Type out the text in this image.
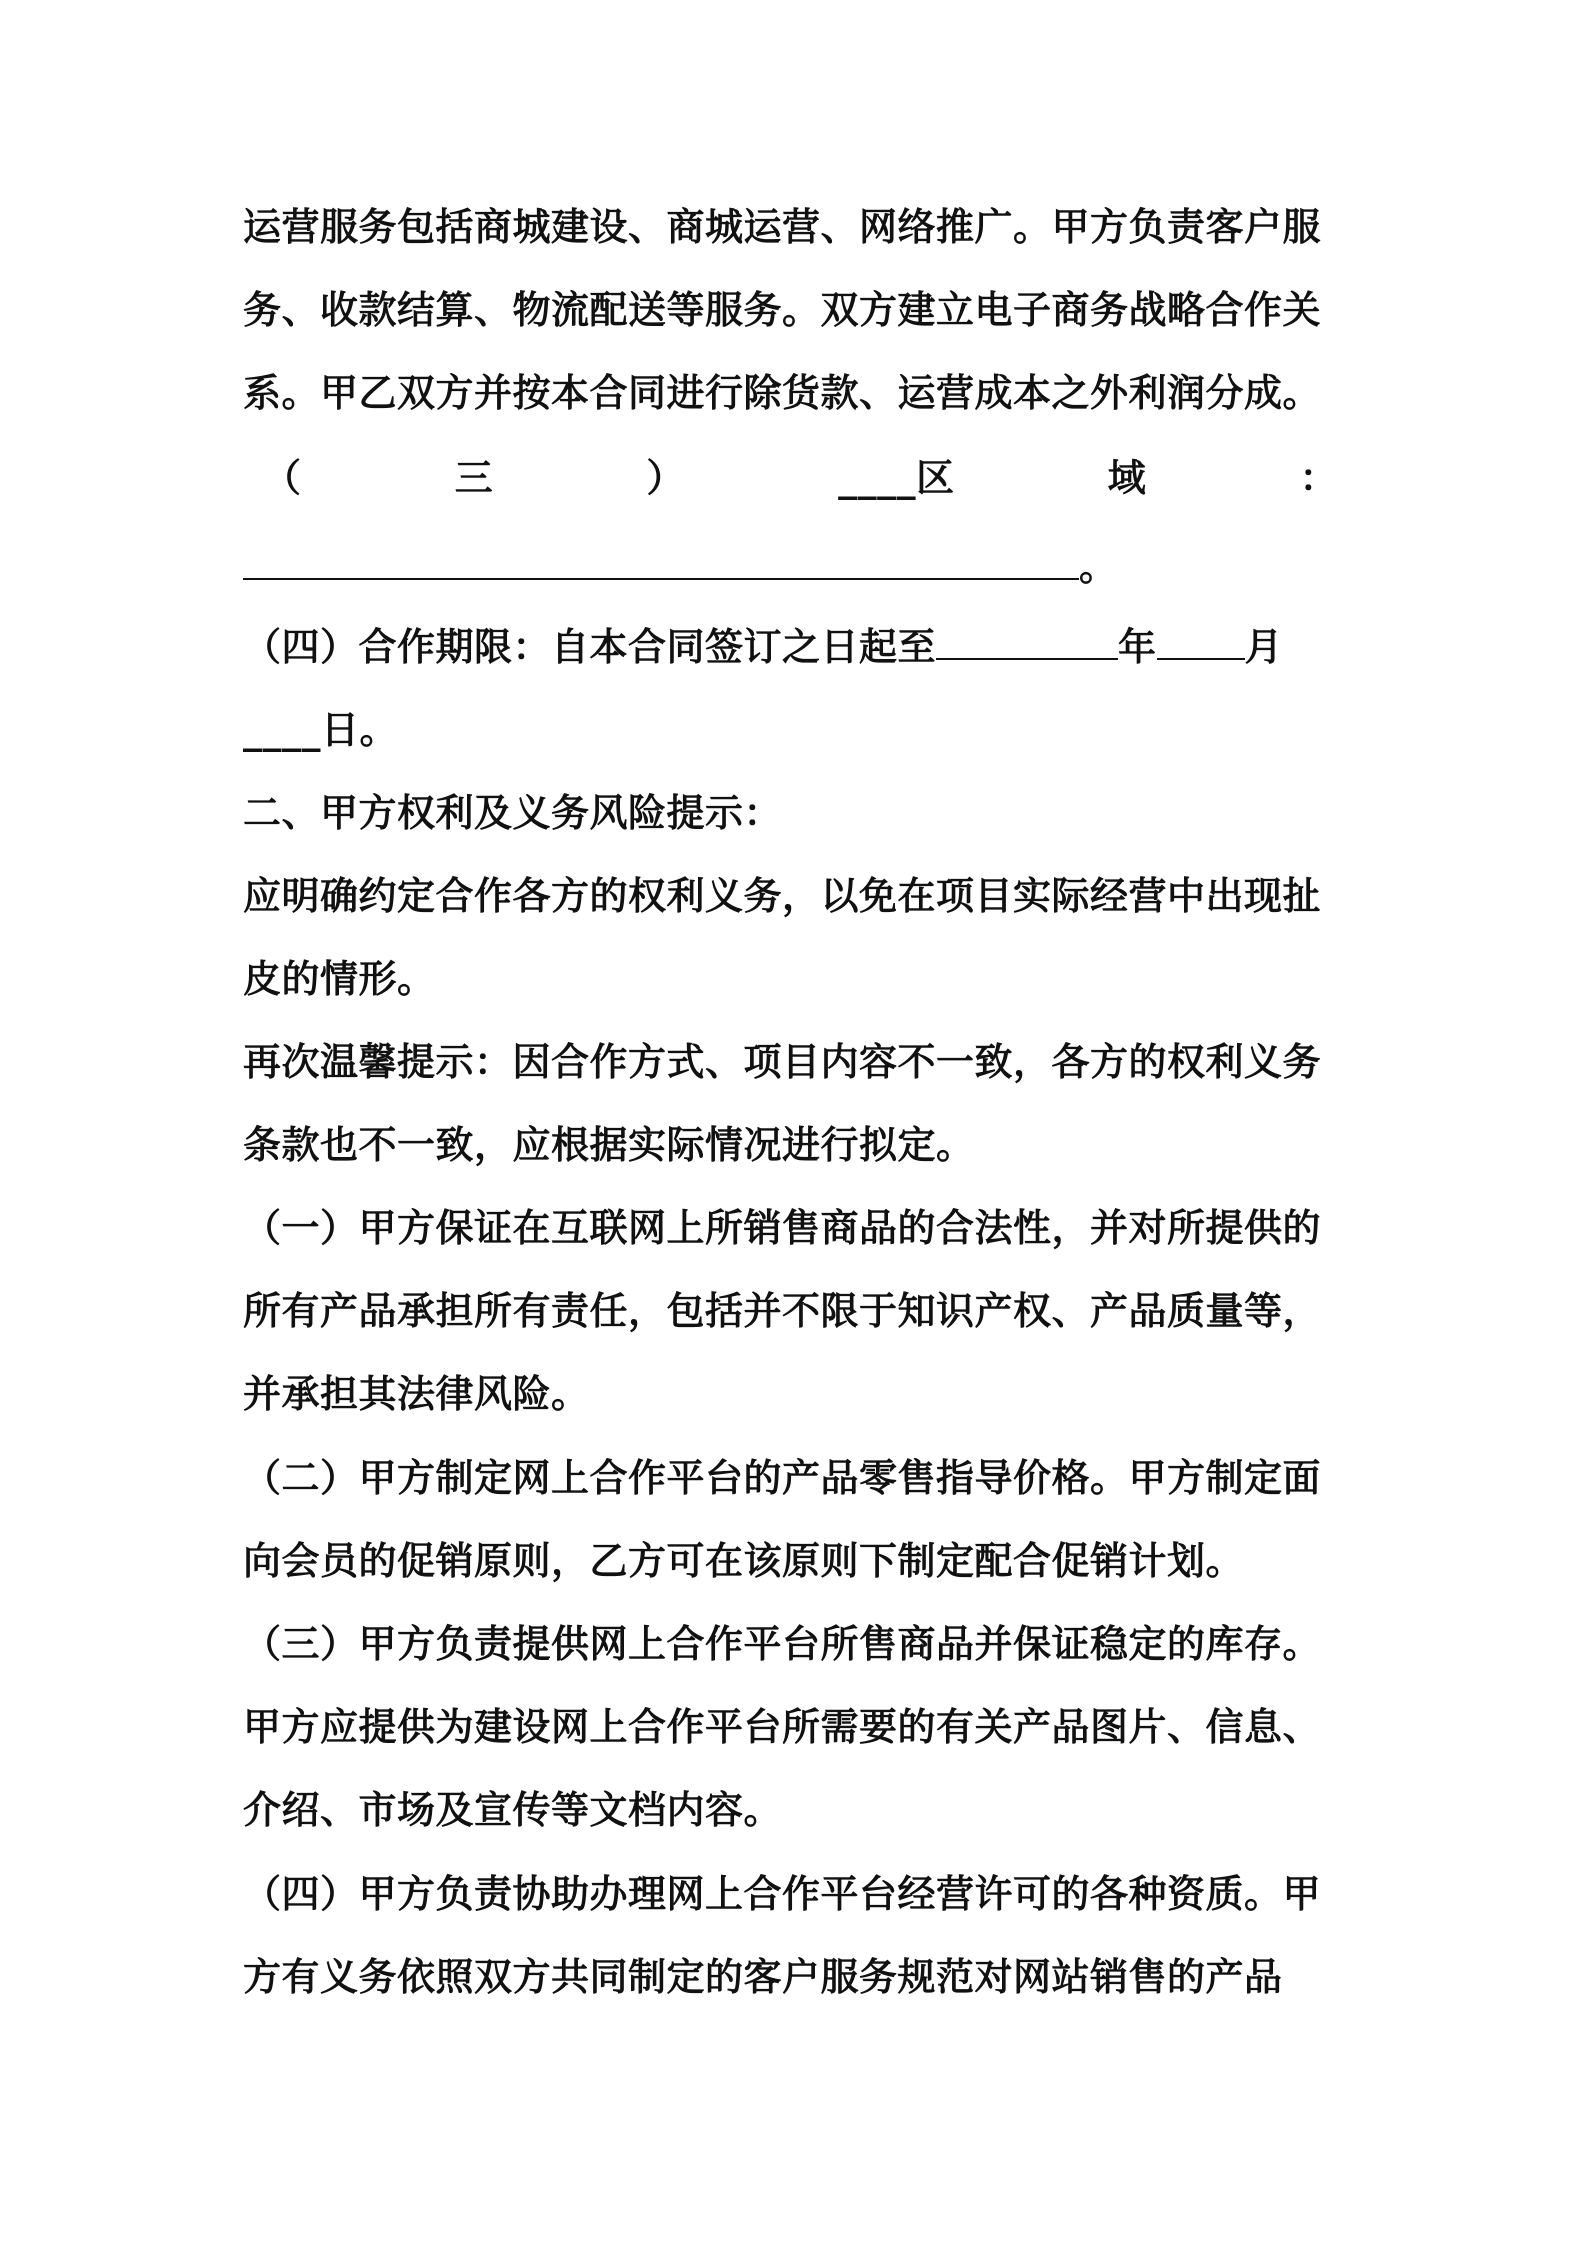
运营服务包括商城建设、商城运营、网络推广。甲方负责客户服
务、收款结算、物流配送等服务。双方建立电子商务战略合作关
系。甲乙双方并按本合同进行除货款、运营成本之外利润分成。
（	三	）	____区	域	：
。
（四）合作期限：自本合同签订之日起至	年 月
____日。
二、甲方权利及义务风险提示：
应明确约定合作各方的权利义务，以免在项目实际经营中出现扯
皮的情形。
再次温馨提示：因合作方式、项目内容不一致，各方的权利义务
条款也不一致，应根据实际情况进行拟定。
（一）甲方保证在互联网上所销售商品的合法性，并对所提供的
所有产品承担所有责任，包括并不限于知识产权、产品质量等，
并承担其法律风险。
（二）甲方制定网上合作平台的产品零售指导价格。甲方制定面
向会员的促销原则，乙方可在该原则下制定配合促销计划。
（三）甲方负责提供网上合作平台所售商品并保证稳定的库存。
甲方应提供为建设网上合作平台所需要的有关产品图片、信息、
介绍、市场及宣传等文档内容。
（四）甲方负责协助办理网上合作平台经营许可的各种资质。甲
方有义务依照双方共同制定的客户服务规范对网站销售的产品
